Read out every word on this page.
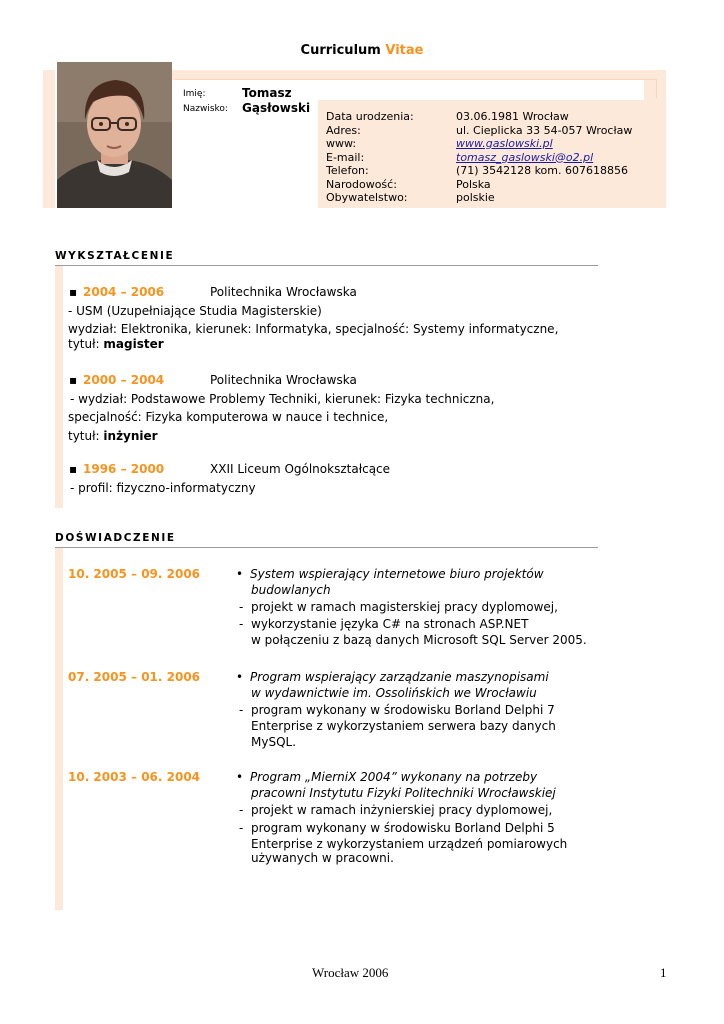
Curriculum Vitae
Imię:	Tomasz
Nazwisko: Gąsłowski
Data urodzenia:	03.06.1981 Wrocław
Adres:	ul. Cieplicka 33 54-057 Wrocław
www:	www.gaslowski.pl
E-mail:	tomasz_gaslowski@o2.pl
Telefon:	(71) 3542128 kom. 607618856
Narodowość:	Polska
Obywatelstwo:	polskie
WYKSZTAŁCENIE
▪ 2004 – 2006	Politechnika Wrocławska
- USM (Uzupełniające Studia Magisterskie)
wydział: Elektronika, kierunek: Informatyka, specjalność: Systemy informatyczne,
tytuł: magister
▪ 2000 – 2004	Politechnika Wrocławska
- wydział: Podstawowe Problemy Techniki, kierunek: Fizyka techniczna,
specjalność: Fizyka komputerowa w nauce i technice,
tytuł: inżynier
▪ 1996 – 2000	XXII Liceum Ogólnokształcące
- profil: fizyczno-informatyczny
DOŚWIADCZENIE
10. 2005 – 09. 2006	• System wspierający internetowe biuro projektów
budowlanych
- projekt w ramach magisterskiej pracy dyplomowej,
- wykorzystanie języka C# na stronach ASP.NET
w połączeniu z bazą danych Microsoft SQL Server 2005.
07. 2005 – 01. 2006	• Program wspierający zarządzanie maszynopisami
w wydawnictwie im. Ossolińskich we Wrocławiu
- program wykonany w środowisku Borland Delphi 7
Enterprise z wykorzystaniem serwera bazy danych
MySQL.
10. 2003 – 06. 2004	• Program „MierniX 2004” wykonany na potrzeby
pracowni Instytutu Fizyki Politechniki Wrocławskiej
- projekt w ramach inżynierskiej pracy dyplomowej,
- program wykonany w środowisku Borland Delphi 5
Enterprise z wykorzystaniem urządzeń pomiarowych
używanych w pracowni.
Wrocław 2006	1
